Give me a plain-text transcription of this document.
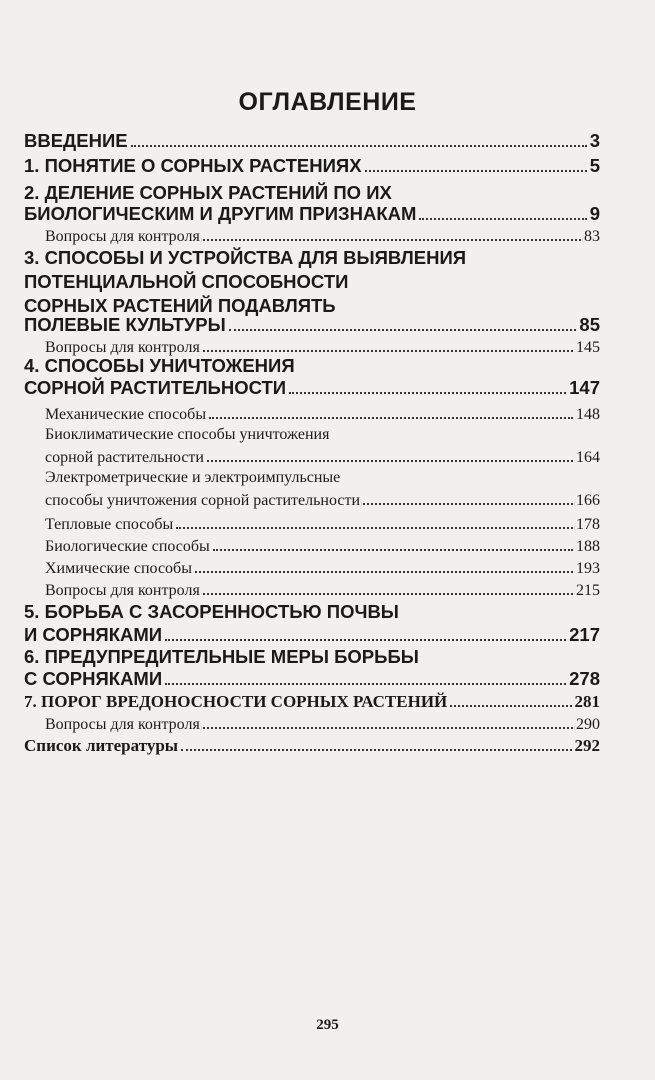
ОГЛАВЛЕНИЕ
ВВЕДЕНИЕ	3
1. ПОНЯТИЕ О СОРНЫХ РАСТЕНИЯХ	5
2. ДЕЛЕНИЕ СОРНЫХ РАСТЕНИЙ ПО ИХ
БИОЛОГИЧЕСКИМ И ДРУГИМ ПРИЗНАКАМ	9
Вопросы для контроля	83
3. СПОСОБЫ И УСТРОЙСТВА ДЛЯ ВЫЯВЛЕНИЯ
ПОТЕНЦИАЛЬНОЙ СПОСОБНОСТИ
СОРНЫХ РАСТЕНИЙ ПОДАВЛЯТЬ
ПОЛЕВЫЕ КУЛЬТУРЫ	85
Вопросы для контроля	145
4. СПОСОБЫ УНИЧТОЖЕНИЯ
СОРНОЙ РАСТИТЕЛЬНОСТИ	147
Механические способы	148
Биоклиматические способы уничтожения
сорной растительности	164
Электрометрические и электроимпульсные
способы уничтожения сорной растительности	166
Тепловые способы	178
Биологические способы	188
Химические способы	193
Вопросы для контроля	215
5. БОРЬБА С ЗАСОРЕННОСТЬЮ ПОЧВЫ
И СОРНЯКАМИ	217
6. ПРЕДУПРЕДИТЕЛЬНЫЕ МЕРЫ БОРЬБЫ
С СОРНЯКАМИ	278
7. ПОРОГ ВРЕДОНОСНОСТИ СОРНЫХ РАСТЕНИЙ	281
Вопросы для контроля	290
Список литературы	292
295
